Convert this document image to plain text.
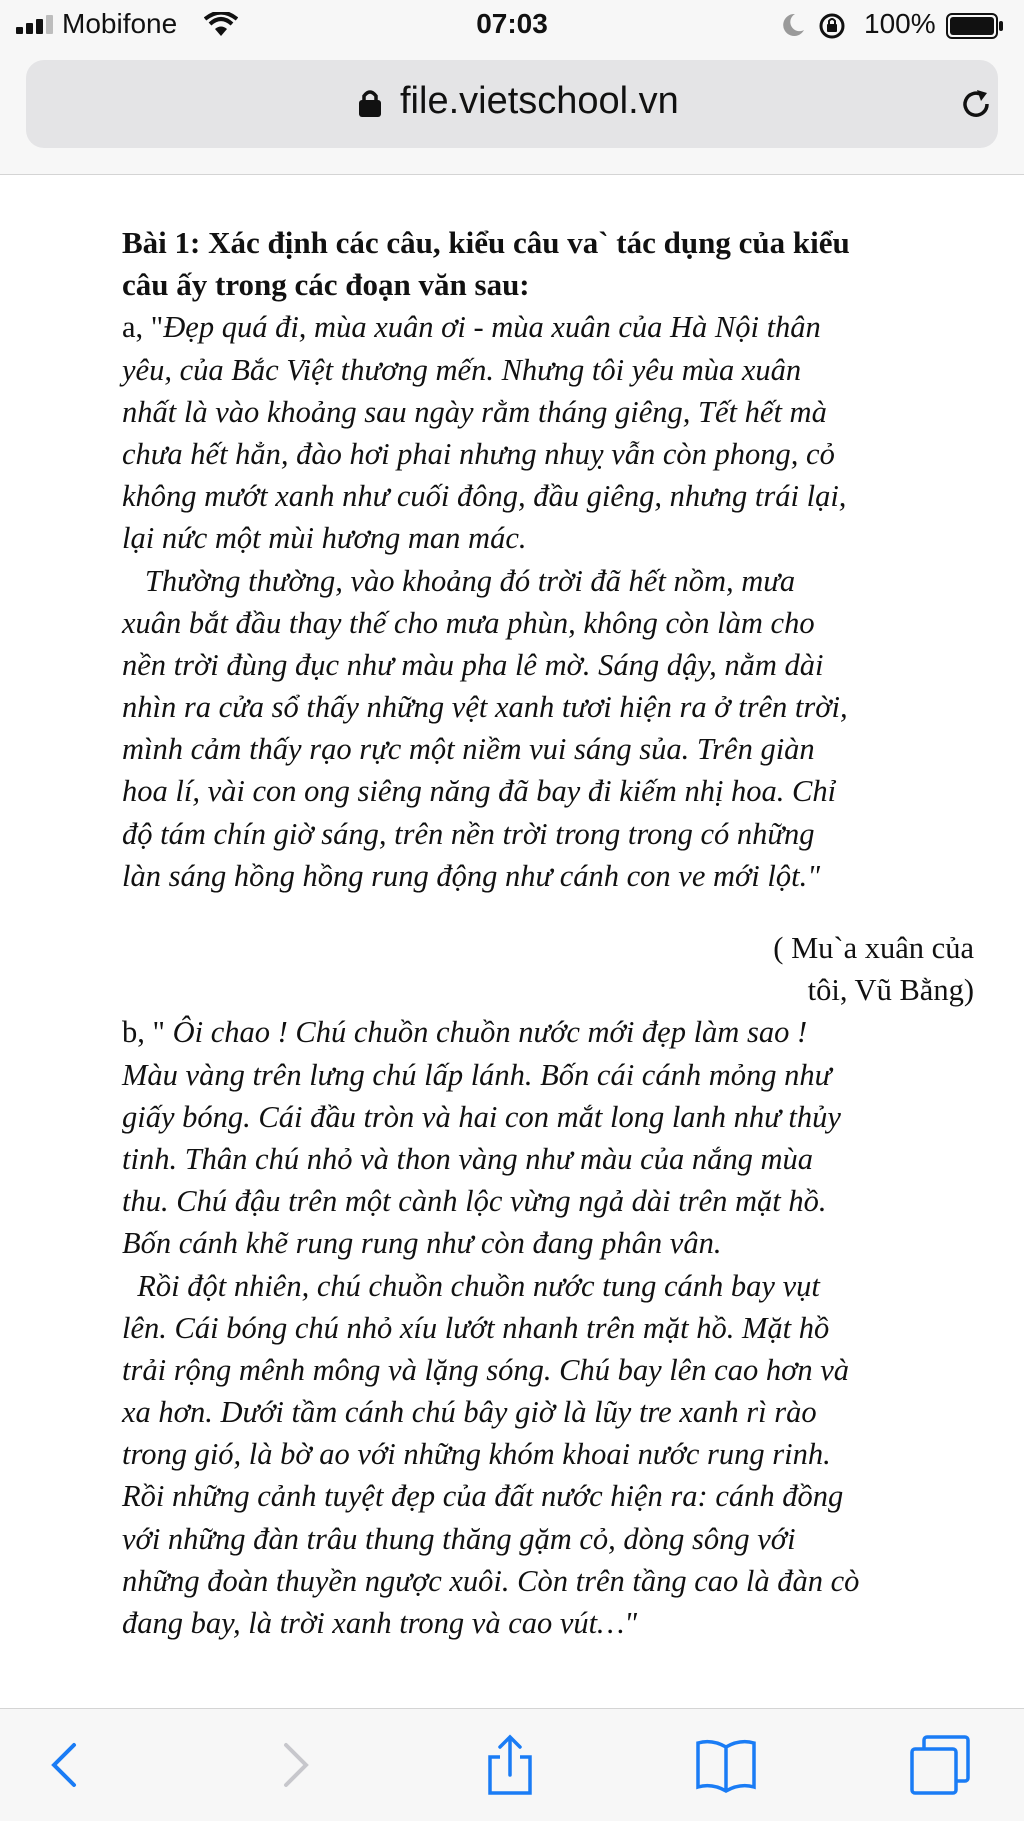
Mobifone	07:03	100%
file.vietschool.vn
Bài 1: Xác định các câu, kiểu câu va` tác dụng của kiểu
câu ấy trong các đoạn văn sau:
a, "Đẹp quá đi, mùa xuân ơi - mùa xuân của Hà Nội thân
yêu, của Bắc Việt thương mến. Nhưng tôi yêu mùa xuân
nhất là vào khoảng sau ngày rằm tháng giêng, Tết hết mà
chưa hết hẳn, đào hơi phai nhưng nhuỵ vẫn còn phong, cỏ
không mướt xanh như cuối đông, đầu giêng, nhưng trái lại,
lại nức một mùi hương man mác.
Thường thường, vào khoảng đó trời đã hết nồm, mưa
xuân bắt đầu thay thế cho mưa phùn, không còn làm cho
nền trời đùng đục như màu pha lê mờ. Sáng dậy, nằm dài
nhìn ra cửa sổ thấy những vệt xanh tươi hiện ra ở trên trời,
mình cảm thấy rạo rực một niềm vui sáng sủa. Trên giàn
hoa lí, vài con ong siêng năng đã bay đi kiếm nhị hoa. Chỉ
độ tám chín giờ sáng, trên nền trời trong trong có những
làn sáng hồng hồng rung động như cánh con ve mới lột."
( Mu`a xuân của
tôi, Vũ Bằng)
b, " Ôi chao ! Chú chuồn chuồn nước mới đẹp làm sao !
Màu vàng trên lưng chú lấp lánh. Bốn cái cánh mỏng như
giấy bóng. Cái đầu tròn và hai con mắt long lanh như thủy
tinh. Thân chú nhỏ và thon vàng như màu của nắng mùa
thu. Chú đậu trên một cành lộc vừng ngả dài trên mặt hồ.
Bốn cánh khẽ rung rung như còn đang phân vân.
Rồi đột nhiên, chú chuồn chuồn nước tung cánh bay vụt
lên. Cái bóng chú nhỏ xíu lướt nhanh trên mặt hồ. Mặt hồ
trải rộng mênh mông và lặng sóng. Chú bay lên cao hơn và
xa hơn. Dưới tầm cánh chú bây giờ là lũy tre xanh rì rào
trong gió, là bờ ao với những khóm khoai nước rung rinh.
Rồi những cảnh tuyệt đẹp của đất nước hiện ra: cánh đồng
với những đàn trâu thung thăng gặm cỏ, dòng sông với
những đoàn thuyền ngược xuôi. Còn trên tầng cao là đàn cò
đang bay, là trời xanh trong và cao vút…"
